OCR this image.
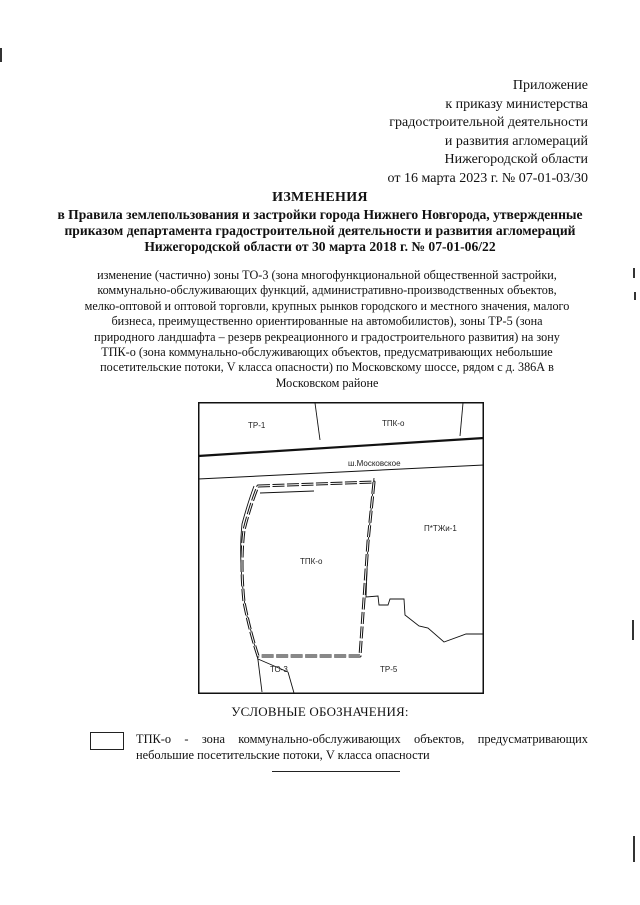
Приложение
к приказу министерства
градостроительной деятельности
и развития агломераций
Нижегородской области
от 16 марта 2023 г. № 07-01-03/30
ИЗМЕНЕНИЯ
в Правила землепользования и застройки города Нижнего Новгорода, утвержденные
приказом департамента градостроительной деятельности и развития агломераций
Нижегородской области от 30 марта 2018 г. № 07-01-06/22
изменение (частично) зоны ТО-3 (зона многофункциональной общественной застройки,
коммунально-обслуживающих функций, административно-производственных объектов,
мелко-оптовой и оптовой торговли, крупных рынков городского и местного значения, малого
бизнеса, преимущественно ориентированные на автомобилистов), зоны ТР-5 (зона
природного ландшафта – резерв рекреационного и градостроительного развития) на зону
ТПК-о (зона коммунально-обслуживающих объектов, предусматривающих небольшие
посетительские потоки, V класса опасности) по Московскому шоссе, рядом с д. 386А в
Московском районе
ТР-1	ТПК-о
ш.Московское
П*ТЖи-1
ТПК-о
ТО-3	ТР-5
УСЛОВНЫЕ ОБОЗНАЧЕНИЯ:
ТПК-о - зона коммунально-обслуживающих объектов, предусматривающих
небольшие посетительские потоки, V класса опасности
